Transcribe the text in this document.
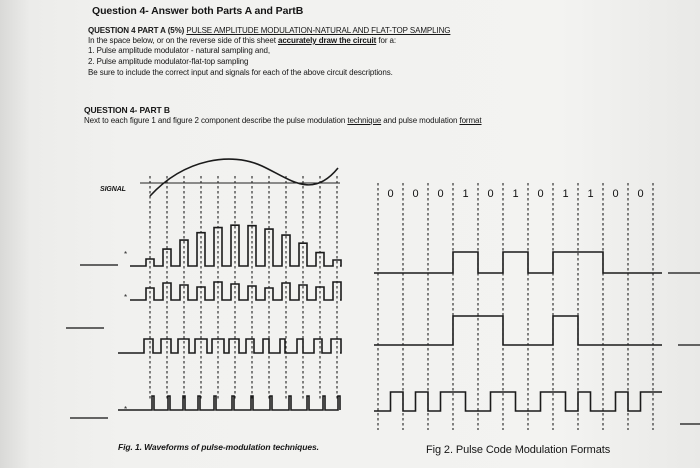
Question 4- Answer both Parts A and PartB
QUESTION 4 PART A (5%) PULSE AMPLITUDE MODULATION-NATURAL AND FLAT-TOP SAMPLING
In the space below, or on the reverse side of this sheet accurately draw the circuit for a:
1. Pulse amplitude modulator - natural sampling and,
2. Pulse amplitude modulator-flat-top sampling
Be sure to include the correct input and signals for each of the above circuit descriptions.
QUESTION 4- PART B
Next to each figure 1 and figure 2 component describe the pulse modulation technique and pulse modulation format
*
*
*
SIGNAL
Fig. 1. Waveforms of pulse-modulation techniques.
0 0 0 1 0 1 0 1 1 0 0
Fig 2. Pulse Code Modulation Formats
